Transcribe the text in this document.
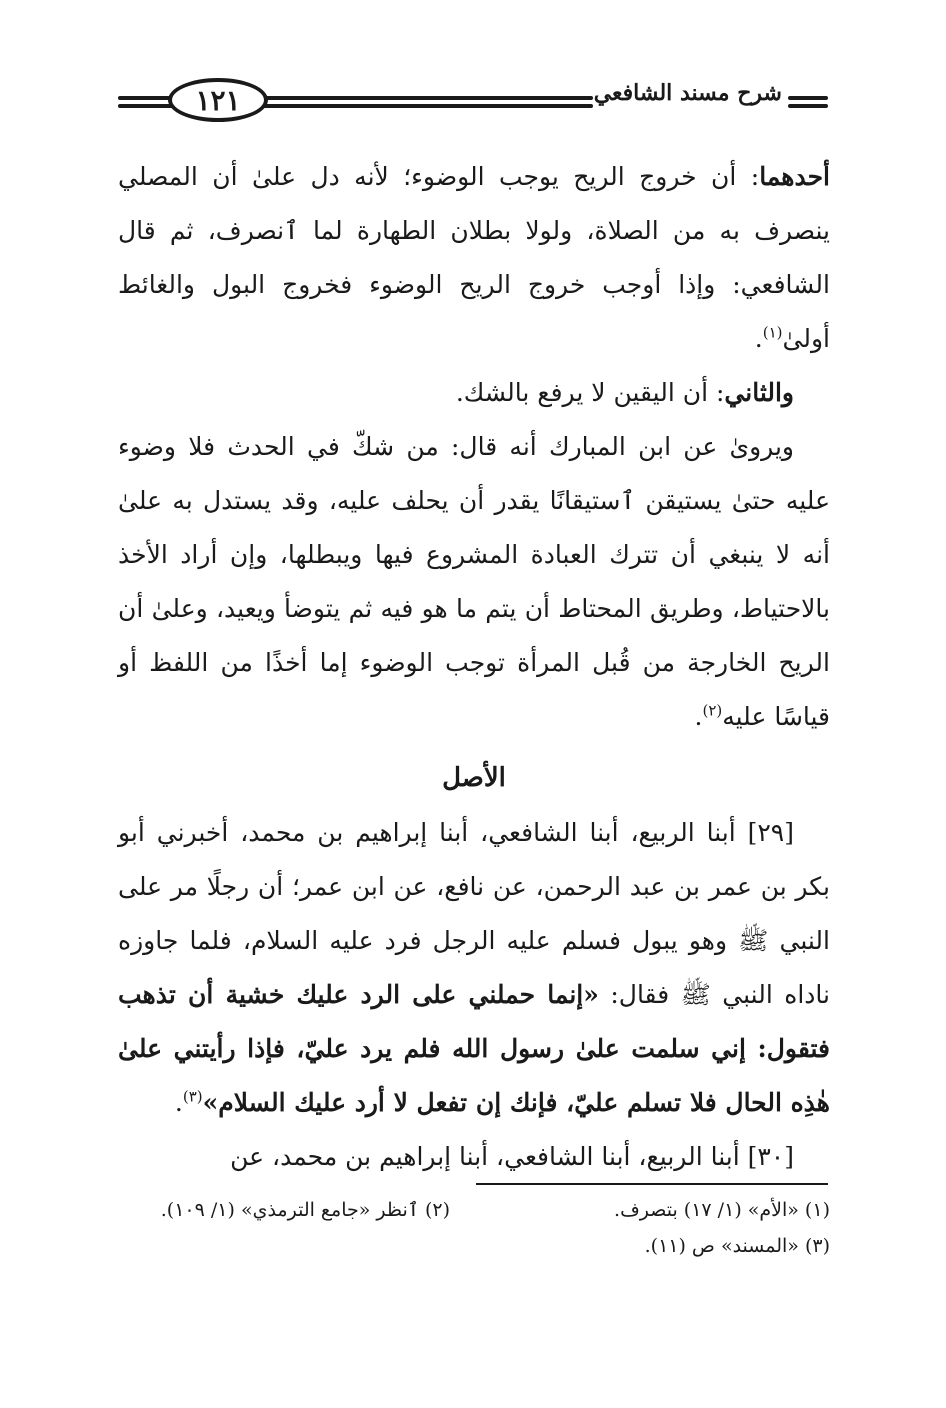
١٢١	شرح مسند الشافعي

أحدهما: أن خروج الريح يوجب الوضوء؛ لأنه دل علىٰ أن المصلي ينصرف به من الصلاة، ولولا بطلان الطهارة لما ٱنصرف، ثم قال الشافعي: وإذا أوجب خروج الريح الوضوء فخروج البول والغائط أولىٰ$^{(١)}$.

والثاني: أن اليقين لا يرفع بالشك.

ويروىٰ عن ابن المبارك أنه قال: من شكّ في الحدث فلا وضوء عليه حتىٰ يستيقن ٱستيقانًا يقدر أن يحلف عليه، وقد يستدل به علىٰ أنه لا ينبغي أن تترك العبادة المشروع فيها ويبطلها، وإن أراد الأخذ بالاحتياط، وطريق المحتاط أن يتم ما هو فيه ثم يتوضأ ويعيد، وعلىٰ أن الريح الخارجة من قُبل المرأة توجب الوضوء إما أخذًا من اللفظ أو قياسًا عليه$^{(٢)}$.

الأصل

[٢٩] أبنا الربيع، أبنا الشافعي، أبنا إبراهيم بن محمد، أخبرني أبو بكر بن عمر بن عبد الرحمن، عن نافع، عن ابن عمر؛ أن رجلًا مر على النبي ﷺ وهو يبول فسلم عليه الرجل فرد عليه السلام، فلما جاوزه ناداه النبي ﷺ فقال: «إنما حملني على الرد عليك خشية أن تذهب فتقول: إني سلمت علىٰ رسول الله فلم يرد عليّ، فإذا رأيتني علىٰ هٰذِه الحال فلا تسلم عليّ، فإنك إن تفعل لا أرد عليك السلام»$^{(٣)}$.

[٣٠] أبنا الربيع، أبنا الشافعي، أبنا إبراهيم بن محمد، عن

(١) «الأم» (١/ ١٧) بتصرف.
(٢) ٱنظر «جامع الترمذي» (١/ ١٠٩).
(٣) «المسند» ص (١١).
